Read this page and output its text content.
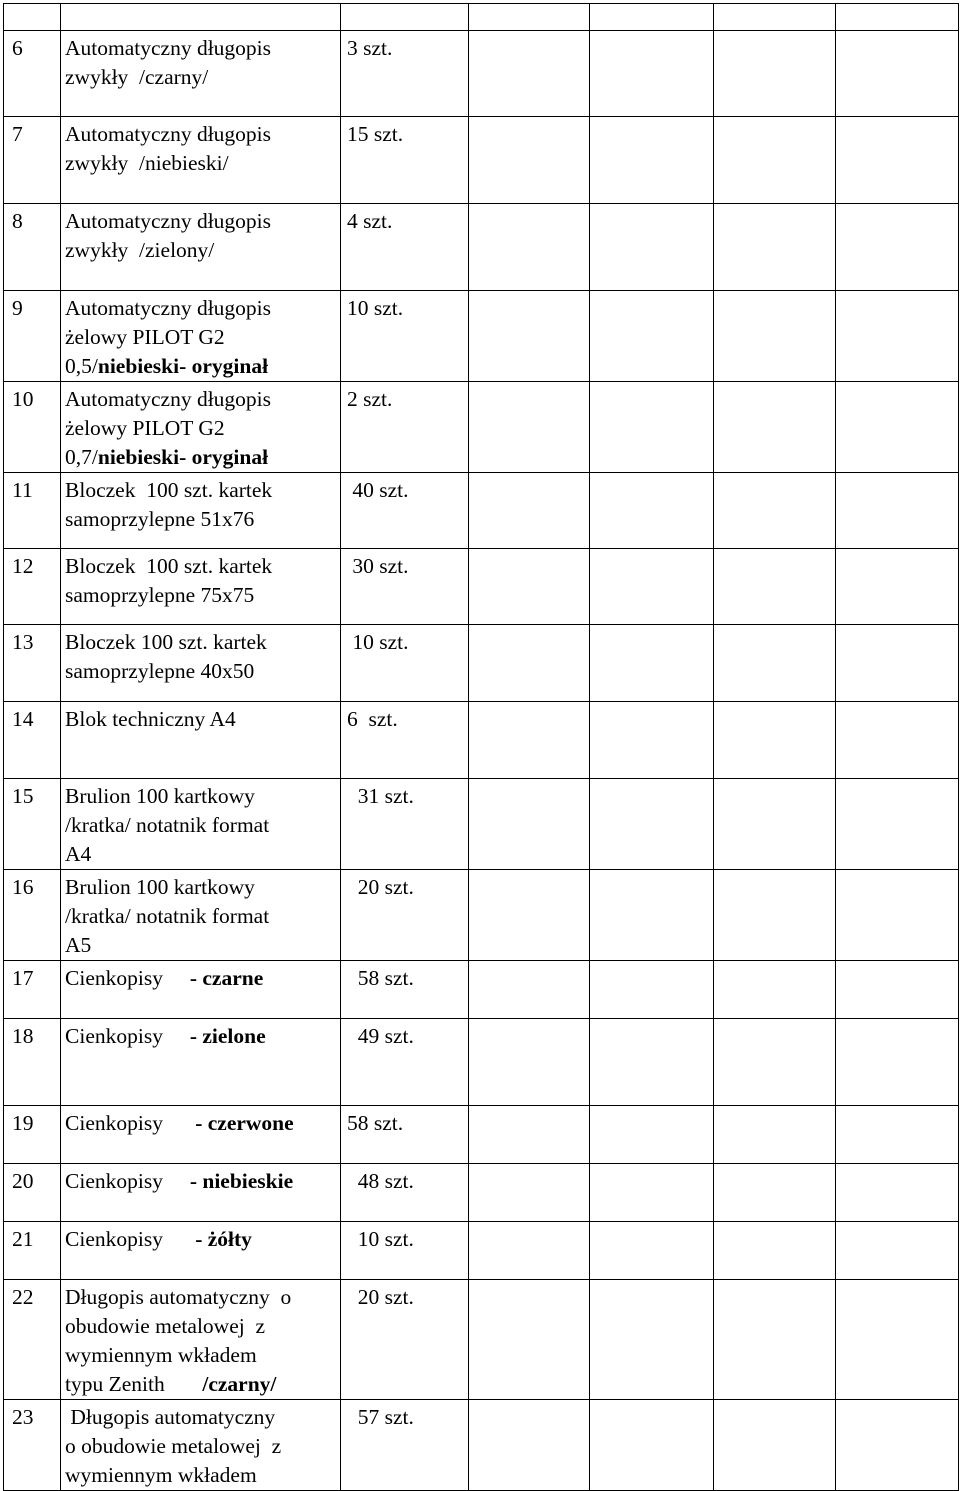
6	Automatyczny długopis
zwykły  /czarny/	3 szt.				
7	Automatyczny długopis
zwykły  /niebieski/	15 szt.				
8	Automatyczny długopis
zwykły  /zielony/	4 szt.				
9	Automatyczny długopis
żelowy PILOT G2
0,5/niebieski- oryginał	10 szt.				
10	Automatyczny długopis
żelowy PILOT G2
0,7/niebieski- oryginał	2 szt.				
11	Bloczek  100 szt. kartek
samoprzylepne 51x76	40 szt.				
12	Bloczek  100 szt. kartek
samoprzylepne 75x75	30 szt.				
13	Bloczek 100 szt. kartek
samoprzylepne 40x50	10 szt.				
14	Blok techniczny A4	6  szt.				
15	Brulion 100 kartkowy
/kratka/ notatnik format
A4	31 szt.				
16	Brulion 100 kartkowy
/kratka/ notatnik format
A5	20 szt.				
17	Cienkopisy - czarne	58 szt.				
18	Cienkopisy - zielone	49 szt.				
19	Cienkopisy - czerwone	58 szt.				
20	Cienkopisy - niebieskie	48 szt.				
21	Cienkopisy - żółty	10 szt.				
22	Długopis automatyczny  o
obudowie metalowej  z
wymiennym wkładem
typu Zenith /czarny/	20 szt.				
23	Długopis automatyczny
o obudowie metalowej  z
wymiennym wkładem	57 szt.				
